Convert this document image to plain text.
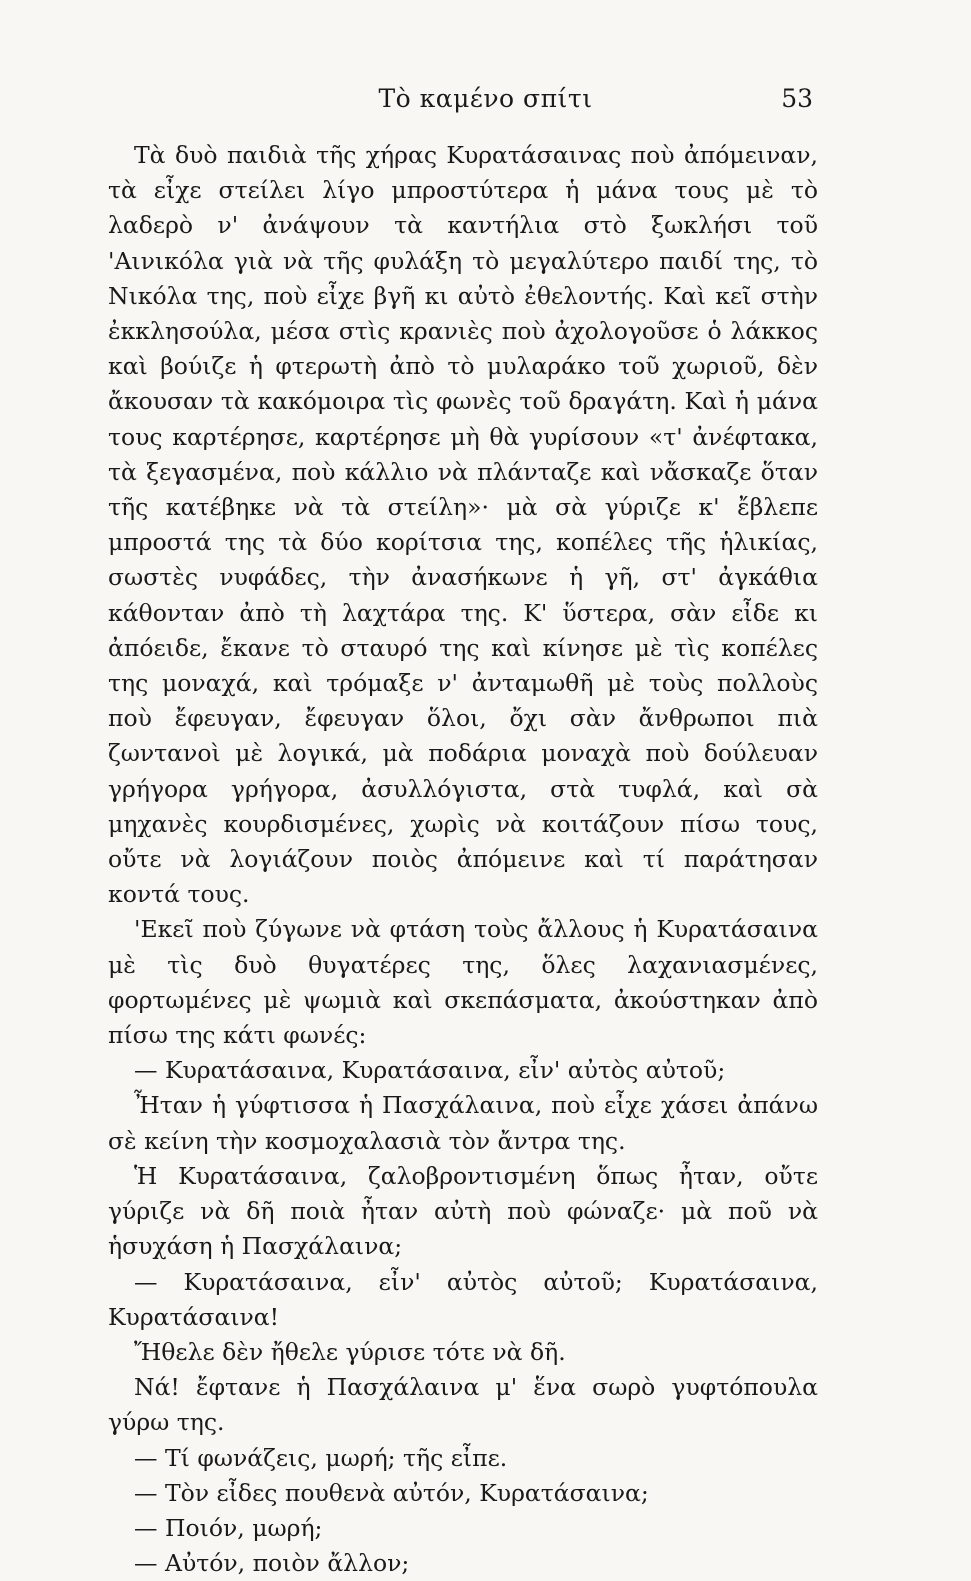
Τὸ καμένο σπίτι	53

Τὰ δυὸ παιδιὰ τῆς χήρας Κυρατάσαινας ποὺ ἀπόμειναν, τὰ εἶχε στείλει λίγο μπροστύτερα ἡ μάνα τους μὲ τὸ λαδερὸ ν' ἀνάψουν τὰ καντήλια στὸ ξωκλήσι τοῦ 'Αινικόλα γιὰ νὰ τῆς φυλάξη τὸ μεγαλύτερο παιδί της, τὸ Νικόλα της, ποὺ εἶχε βγῆ κι αὐτὸ ἐθελοντής. Καὶ κεῖ στὴν ἐκκλησούλα, μέσα στὶς κρανιὲς ποὺ ἀχολογοῦσε ὁ λάκκος καὶ βούιζε ἡ φτερωτὴ ἀπὸ τὸ μυλαράκο τοῦ χωριοῦ, δὲν ἄκουσαν τὰ κακόμοιρα τὶς φωνὲς τοῦ δραγάτη. Καὶ ἡ μάνα τους καρτέρησε, καρτέρησε μὴ θὰ γυρίσουν «τ' ἀνέφτακα, τὰ ξεγασμένα, ποὺ κάλλιο νὰ πλάνταζε καὶ νἄσκαζε ὅταν τῆς κατέβηκε νὰ τὰ στείλη»· μὰ σὰ γύριζε κ' ἔβλεπε μπροστά της τὰ δύο κορίτσια της, κοπέλες τῆς ἡλικίας, σωστὲς νυφάδες, τὴν ἀνασήκωνε ἡ γῆ, στ' ἀγκάθια κάθονταν ἀπὸ τὴ λαχτάρα της. Κ' ὕστερα, σὰν εἶδε κι ἀπόειδε, ἔκανε τὸ σταυρό της καὶ κίνησε μὲ τὶς κοπέλες της μοναχά, καὶ τρόμαξε ν' ἀνταμωθῆ μὲ τοὺς πολλοὺς ποὺ ἔφευγαν, ἔφευγαν ὅλοι, ὄχι σὰν ἄνθρωποι πιὰ ζωντανοὶ μὲ λογικά, μὰ ποδάρια μοναχὰ ποὺ δούλευαν γρήγορα γρήγορα, ἀσυλλόγιστα, στὰ τυφλά, καὶ σὰ μηχανὲς κουρδισμένες, χωρὶς νὰ κοιτάζουν πίσω τους, οὔτε νὰ λογιάζουν ποιὸς ἀπόμεινε καὶ τί παράτησαν κοντά τους.

'Εκεῖ ποὺ ζύγωνε νὰ φτάση τοὺς ἄλλους ἡ Κυρατάσαινα μὲ τὶς δυὸ θυγατέρες της, ὅλες λαχανιασμένες, φορτωμένες μὲ ψωμιὰ καὶ σκεπάσματα, ἀκούστηκαν ἀπὸ πίσω της κάτι φωνές:

— Κυρατάσαινα, Κυρατάσαινα, εἶν' αὐτὸς αὐτοῦ;

Ἦταν ἡ γύφτισσα ἡ Πασχάλαινα, ποὺ εἶχε χάσει ἀπάνω σὲ κείνη τὴν κοσμοχαλασιὰ τὸν ἄντρα της.

Ἡ Κυρατάσαινα, ζαλοβροντισμένη ὅπως ἦταν, οὔτε γύριζε νὰ δῆ ποιὰ ἦταν αὐτὴ ποὺ φώναζε· μὰ ποῦ νὰ ἡσυχάση ἡ Πασχάλαινα;

— Κυρατάσαινα, εἶν' αὐτὸς αὐτοῦ; Κυρατάσαινα, Κυρατάσαινα!

Ἤθελε δὲν ἤθελε γύρισε τότε νὰ δῆ.

Νά! ἔφτανε ἡ Πασχάλαινα μ' ἕνα σωρὸ γυφτόπουλα γύρω της.

— Τί φωνάζεις, μωρή; τῆς εἶπε.

— Τὸν εἶδες πουθενὰ αὐτόν, Κυρατάσαινα;

— Ποιόν, μωρή;

— Αὐτόν, ποιὸν ἄλλον;
